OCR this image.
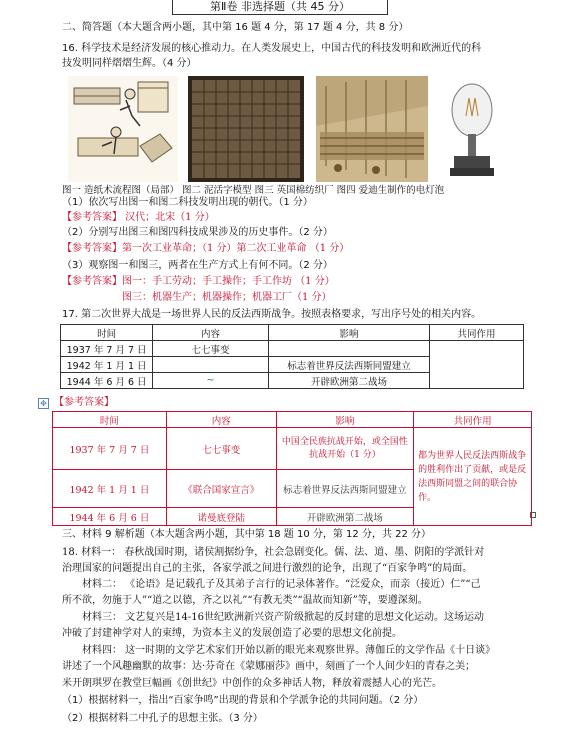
第Ⅱ卷 非选择题（共 45 分）
二、简答题（本大题含两小题，其中第 16 题 4 分，第 17 题 4 分，共 8 分）
16. 科学技术是经济发展的核心推动力。在人类发展史上，中国古代的科技发明和欧洲近代的科
技发明同样熠熠生辉。（4 分）
图一 造纸术流程图（局部） 图二 泥活字模型 图三 英国棉纺织厂 图四 爱迪生制作的电灯泡
（1）依次写出图一和图二科技发明出现的朝代。（1 分）
【参考答案】 汉代；北宋（1 分）
（2）分别写出图三和图四科技成果涉及的历史事件。（2 分）
【参考答案】第一次工业革命；（1 分）第二次工业革命 （1 分）
（3）观察图一和图三，两者在生产方式上有何不同。（2 分）
【参考答案】图一：手工劳动；手工操作；手工作坊 （1 分）
图三：机器生产；机器操作；机器工厂（1 分）
17. 第二次世界大战是一场世界人民的反法西斯战争。按照表格要求，写出序号处的相关内容。
时间	内容	影响	共同作用
1937 年 7 月 7 日	七七事变		
1942 年 1 月 1 日		标志着世界反法西斯同盟建立	
1944 年 6 月 6 日	~	开辟欧洲第二战场	
✥ 【参考答案】
时间	内容	影响	共同作用
1937 年 7 月 7 日	七七事变	中国全民族抗战开始，或全国性抗战开始（1 分）	都为世界人民反法西斯战争的胜利作出了贡献，或是反法西斯同盟之间的联合协作。
1942 年 1 月 1 日	《联合国家宣言》	标志着世界反法西斯同盟建立	
1944 年 6 月 6 日	诺曼底登陆	开辟欧洲第二战场	
三、材料 9 解析题（本大题含两小题，其中第 18 题 10 分，第 12 分，共 22 分）
18. 材料一： 春秋战国时期，诸侯割据纷争，社会急剧变化。儒、法、道、墨、阴阳的学派针对
治理国家的问题提出自己的主张，各家学派之间进行激烈的论争，出现了“百家争鸣”的局面。
材料二： 《论语》是记载孔子及其弟子言行的记录体著作。“泛爱众，而亲（接近）仁”“己
所不欲，勿施于人”“道之以德，齐之以礼”“有教无类”“温故而知新”等，要遵深刻。
材料三： 文艺复兴是14-16世纪欧洲新兴资产阶级掀起的反封建的思想文化运动。这场运动
冲破了封建神学对人的束缚，为资本主义的发展创造了必要的思想文化前提。
材料四： 这一时期的文学艺术家们开始以新的眼光来观察世界。薄伽丘的文学作品《十日谈》
讲述了一个风趣幽默的故事：达·芬奇在《蒙娜丽莎》画中，刻画了一个人间少妇的青春之美；
米开朗琪罗在教堂巨幅画《创世纪》中创作的众多神话人物，释放着震撼人心的光芒。
（1）根据材料一，指出“百家争鸣”出现的背景和个学派争论的共同问题。（2 分）
（2）根据材料二中孔子的思想主张。（3 分）
